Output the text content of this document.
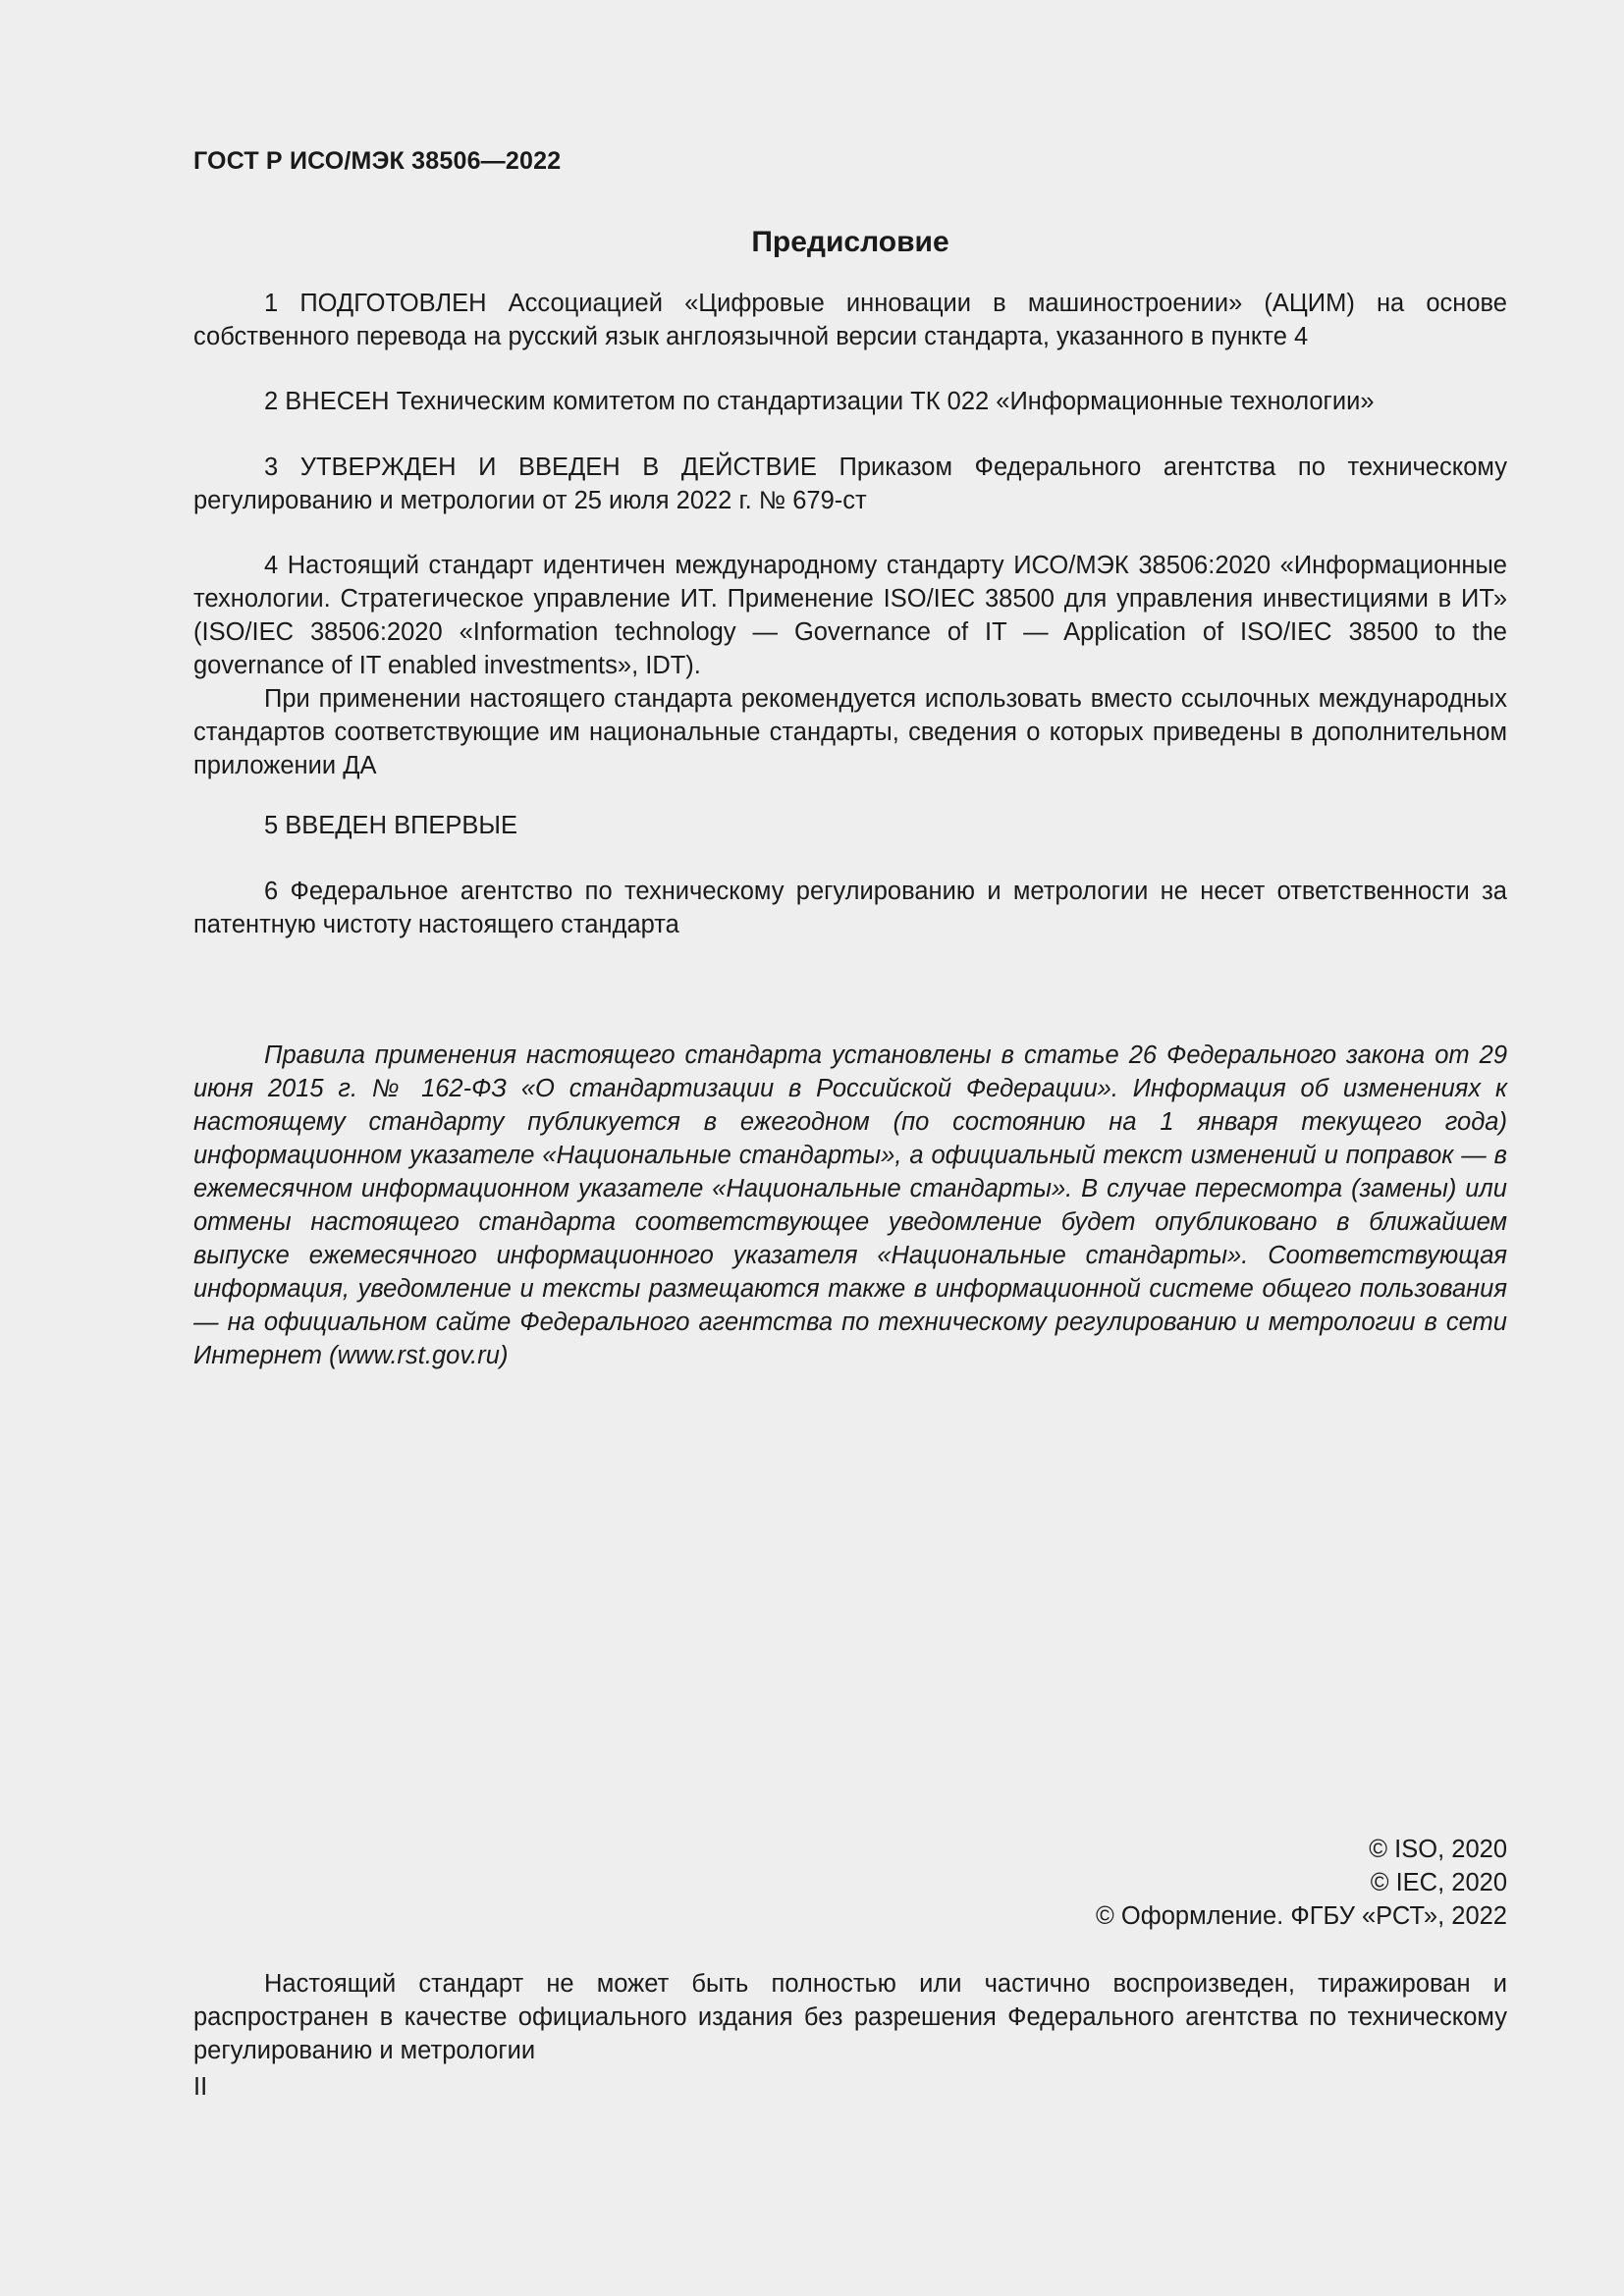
ГОСТ Р ИСО/МЭК 38506—2022
Предисловие

1 ПОДГОТОВЛЕН Ассоциацией «Цифровые инновации в машиностроении» (АЦИМ) на основе собственного перевода на русский язык англоязычной версии стандарта, указанного в пункте 4

2 ВНЕСЕН Техническим комитетом по стандартизации ТК 022 «Информационные технологии»

3 УТВЕРЖДЕН И ВВЕДЕН В ДЕЙСТВИЕ Приказом Федерального агентства по техническому регулированию и метрологии от 25 июля 2022 г. № 679-ст

4 Настоящий стандарт идентичен международному стандарту ИСО/МЭК 38506:2020 «Информационные технологии. Стратегическое управление ИТ. Применение ISO/IEC 38500 для управления инвестициями в ИТ» (ISO/IEC 38506:2020 «Information technology — Governance of IT — Application of ISO/IEC 38500 to the governance of IT enabled investments», IDT).

При применении настоящего стандарта рекомендуется использовать вместо ссылочных международных стандартов соответствующие им национальные стандарты, сведения о которых приведены в дополнительном приложении ДА

5 ВВЕДЕН ВПЕРВЫЕ

6 Федеральное агентство по техническому регулированию и метрологии не несет ответственности за патентную чистоту настоящего стандарта

Правила применения настоящего стандарта установлены в статье 26 Федерального закона от 29 июня 2015 г. № 162-ФЗ «О стандартизации в Российской Федерации». Информация об изменениях к настоящему стандарту публикуется в ежегодном (по состоянию на 1 января текущего года) информационном указателе «Национальные стандарты», а официальный текст изменений и поправок — в ежемесячном информационном указателе «Национальные стандарты». В случае пересмотра (замены) или отмены настоящего стандарта соответствующее уведомление будет опубликовано в ближайшем выпуске ежемесячного информационного указателя «Национальные стандарты». Соответствующая информация, уведомление и тексты размещаются также в информационной системе общего пользования — на официальном сайте Федерального агентства по техническому регулированию и метрологии в сети Интернет (www.rst.gov.ru)

© ISO, 2020
© IEC, 2020
© Оформление. ФГБУ «РСТ», 2022

Настоящий стандарт не может быть полностью или частично воспроизведен, тиражирован и распространен в качестве официального издания без разрешения Федерального агентства по техническому регулированию и метрологии

II
